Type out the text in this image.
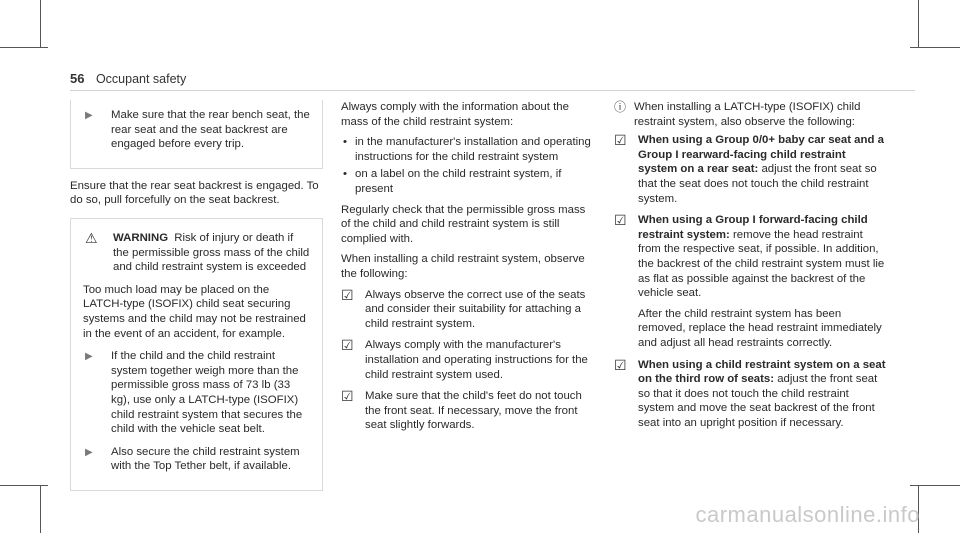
56 Occupant safety
▶ Make sure that the rear bench seat, the rear seat and the seat backrest are engaged before every trip.

Ensure that the rear seat backrest is engaged. To do so, pull forcefully on the seat backrest.

⚠ WARNING Risk of injury or death if the permissible gross mass of the child and child restraint system is exceeded

Too much load may be placed on the LATCH-type (ISOFIX) child seat securing systems and the child may not be restrained in the event of an accident, for example.

▶ If the child and the child restraint system together weigh more than the permissible gross mass of 73 lb (33 kg), use only a LATCH-type (ISOFIX) child restraint system that secures the child with the vehicle seat belt.
▶ Also secure the child restraint system with the Top Tether belt, if available.

Always comply with the information about the mass of the child restraint system:

• in the manufacturer's installation and operating instructions for the child restraint system
• on a label on the child restraint system, if present

Regularly check that the permissible gross mass of the child and child restraint system is still complied with.

When installing a child restraint system, observe the following:

☑ Always observe the correct use of the seats and consider their suitability for attaching a child restraint system.
☑ Always comply with the manufacturer's installation and operating instructions for the child restraint system used.
☑ Make sure that the child's feet do not touch the front seat. If necessary, move the front seat slightly forwards.
ⓘ When installing a LATCH-type (ISOFIX) child restraint system, also observe the following:
☑ When using a Group 0/0+ baby car seat and a Group I rearward-facing child restraint system on a rear seat: adjust the front seat so that the seat does not touch the child restraint system.
☑ When using a Group I forward-facing child restraint system: remove the head restraint from the respective seat, if possible. In addition, the backrest of the child restraint system must lie as flat as possible against the backrest of the vehicle seat.

After the child restraint system has been removed, replace the head restraint immediately and adjust all head restraints correctly.

☑ When using a child restraint system on a seat on the third row of seats: adjust the front seat so that it does not touch the child restraint system and move the seat backrest of the front seat into an upright position if necessary.
carmanualsonline.info
